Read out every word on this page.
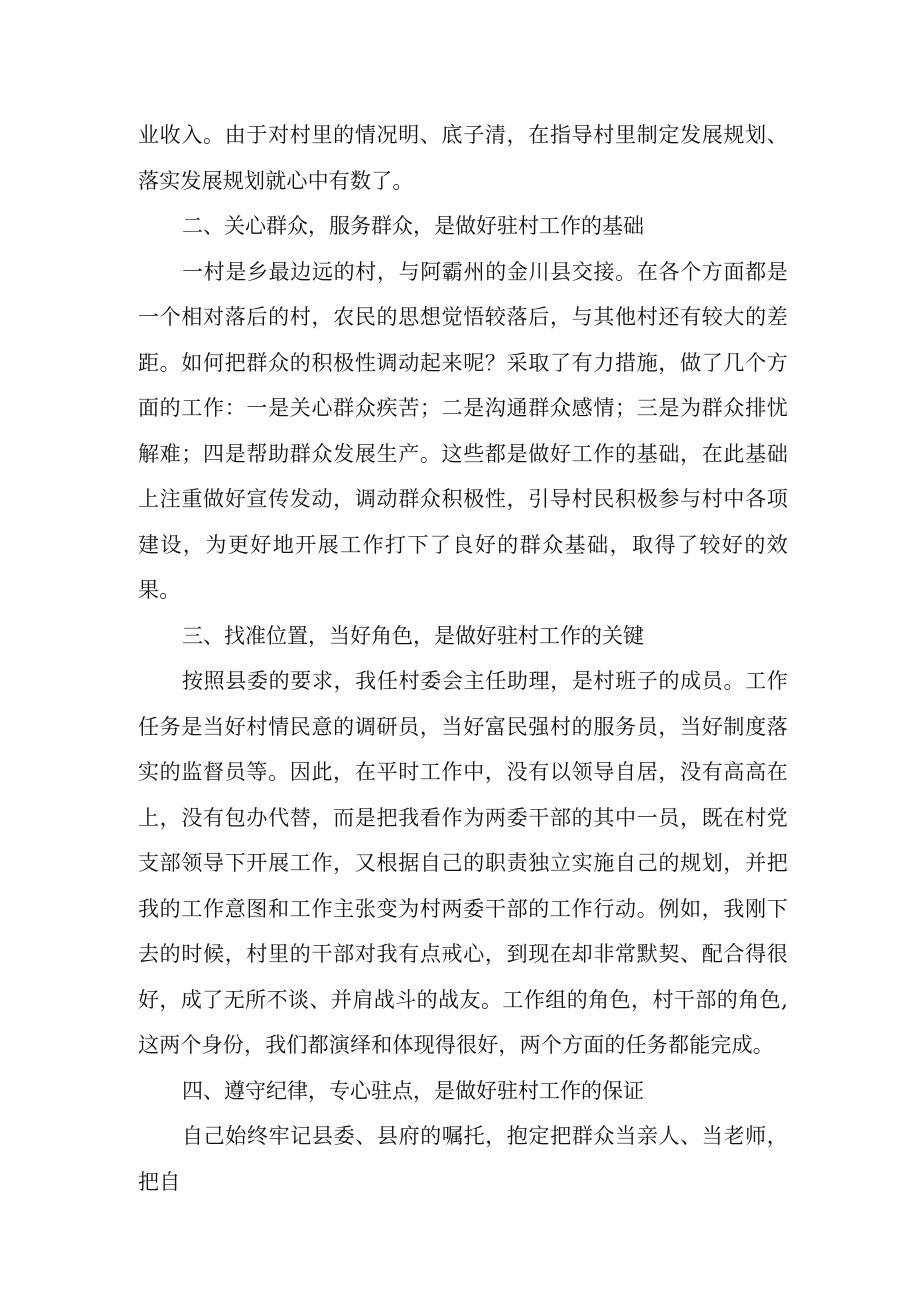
业收入。由于对村里的情况明、底子清，在指导村里制定发展规划、落实发展规划就心中有数了。

二、关心群众，服务群众，是做好驻村工作的基础

一村是乡最边远的村，与阿霸州的金川县交接。在各个方面都是一个相对落后的村，农民的思想觉悟较落后，与其他村还有较大的差距。如何把群众的积极性调动起来呢？采取了有力措施，做了几个方面的工作：一是关心群众疾苦；二是沟通群众感情；三是为群众排忧解难；四是帮助群众发展生产。这些都是做好工作的基础，在此基础上注重做好宣传发动，调动群众积极性，引导村民积极参与村中各项建设，为更好地开展工作打下了良好的群众基础，取得了较好的效果。

三、找准位置，当好角色，是做好驻村工作的关键

按照县委的要求，我任村委会主任助理，是村班子的成员。工作任务是当好村情民意的调研员，当好富民强村的服务员，当好制度落实的监督员等。因此，在平时工作中，没有以领导自居，没有高高在上，没有包办代替，而是把我看作为两委干部的其中一员，既在村党支部领导下开展工作，又根据自己的职责独立实施自己的规划，并把我的工作意图和工作主张变为村两委干部的工作行动。例如，我刚下去的时候，村里的干部对我有点戒心，到现在却非常默契、配合得很好，成了无所不谈、并肩战斗的战友。工作组的角色，村干部的角色,这两个身份，我们都演绎和体现得很好，两个方面的任务都能完成。

四、遵守纪律，专心驻点，是做好驻村工作的保证

自己始终牢记县委、县府的嘱托，抱定把群众当亲人、当老师，把自
